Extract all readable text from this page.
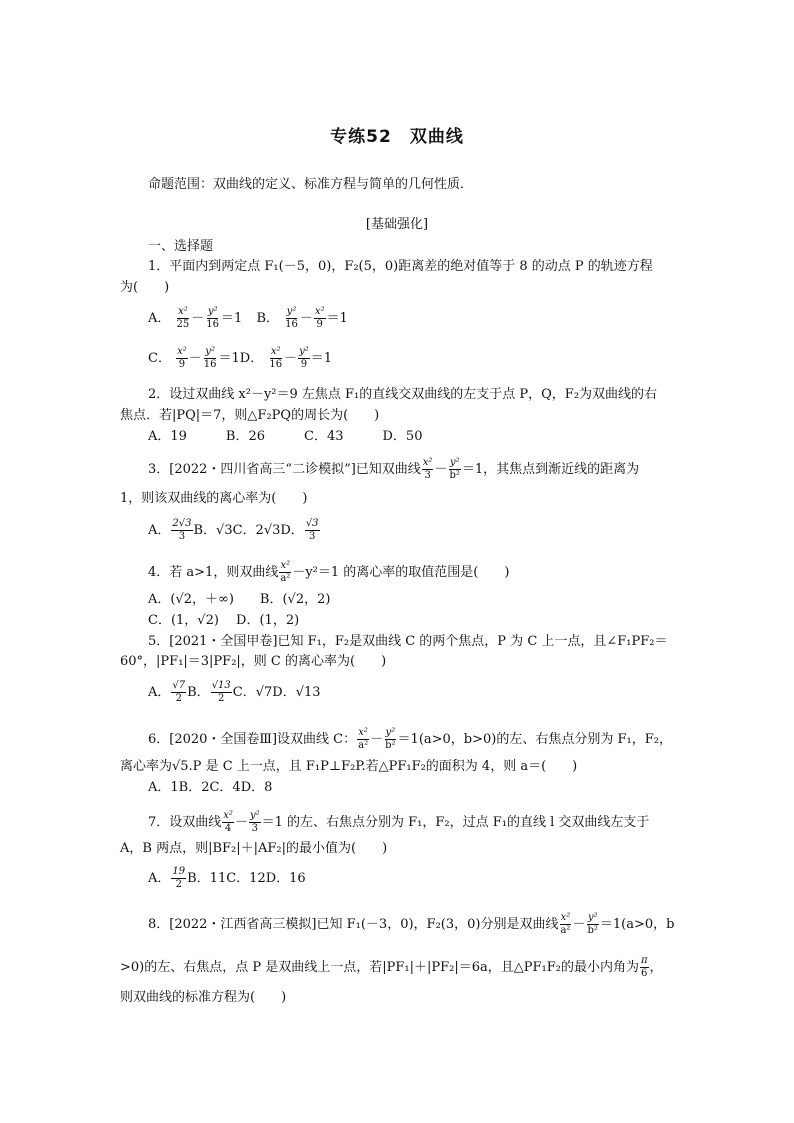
专练52　双曲线
命题范围：双曲线的定义、标准方程与简单的几何性质．
[基础强化]
一、选择题
1．平面内到两定点 F₁(－5，0)，F₂(5，0)距离差的绝对值等于 8 的动点 P 的轨迹方程
为(　　)
A． $\frac{\text{x²}}{25} - \frac{\text{y²}}{16} =1$ B． $\frac{\text{y²}}{16} - \frac{\text{x²}}{9} =1$
C． $\frac{\text{x²}}{9} - \frac{\text{y²}}{16} =1D$． $\frac{\text{x²}}{16} - \frac{\text{y²}}{9} =1$
2．设过双曲线 x²－y²＝9 左焦点 F₁的直线交双曲线的左支于点 P，Q，F₂为双曲线的右
焦点．若|PQ|＝7，则△F₂PQ的周长为(　　)
A．19　　　B．26　　　C．43　　　D．50
3．[2022・四川省高三“二诊模拟”]已知双曲线 $\frac{\text{x²}}{3} - \frac{\text{y²}}{\text{b²}} =1$，其焦点到渐近线的距离为
1，则该双曲线的离心率为(　　)
A． $\frac{2√3}{3}$ B．√3C．2√3D． $\frac{√3}{3}$
4．若 a>1，则双曲线 $\frac{\text{x²}}{\text{a²}} -y^2=1$ 的离心率的取值范围是(　　)
A．(√2，＋∞)　　B．(√2，2)
C．(1，√2)　 D．(1，2)
5．[2021・全国甲卷]已知 F₁，F₂是双曲线 C 的两个焦点，P 为 C 上一点，且∠F₁PF₂＝
60°，|PF₁|＝3|PF₂|，则 C 的离心率为(　　)
A． $\frac{√7}{2}$ B． $\frac{√13}{2}$ C．√7D．√13
6．[2020・全国卷Ⅲ]设双曲线 C： $\frac{\text{x²}}{\text{a²}} - \frac{\text{y²}}{\text{b²}} =1(a>0$，b>0)的左、右焦点分别为 F₁，F₂，
离心率为√5.P 是 C 上一点，且 F₁P⊥F₂P.若△PF₁F₂的面积为 4，则 a＝(　　)
A．1B．2C．4D．8
7．设双曲线 $\frac{\text{x²}}{4} - \frac{\text{y²}}{3} =1$ 的左、右焦点分别为 F₁，F₂，过点 F₁的直线 l 交双曲线左支于
A，B 两点，则|BF₂|＋|AF₂|的最小值为(　　)
A． $\frac{19}{2}$ B．11C．12D．16
8．[2022・江西省高三模拟]已知 F₁(－3，0)，F₂(3，0)分别是双曲线 $\frac{\text{x²}}{\text{a²}} - \frac{\text{y²}}{\text{b²}} =1(a>0$，b
>0)的左、右焦点，点 P 是双曲线上一点，若|PF₁|＋|PF₂|＝6a，且△PF₁F₂的最小内角为 $\frac{\pi}{6}$ ，
则双曲线的标准方程为(　　)
